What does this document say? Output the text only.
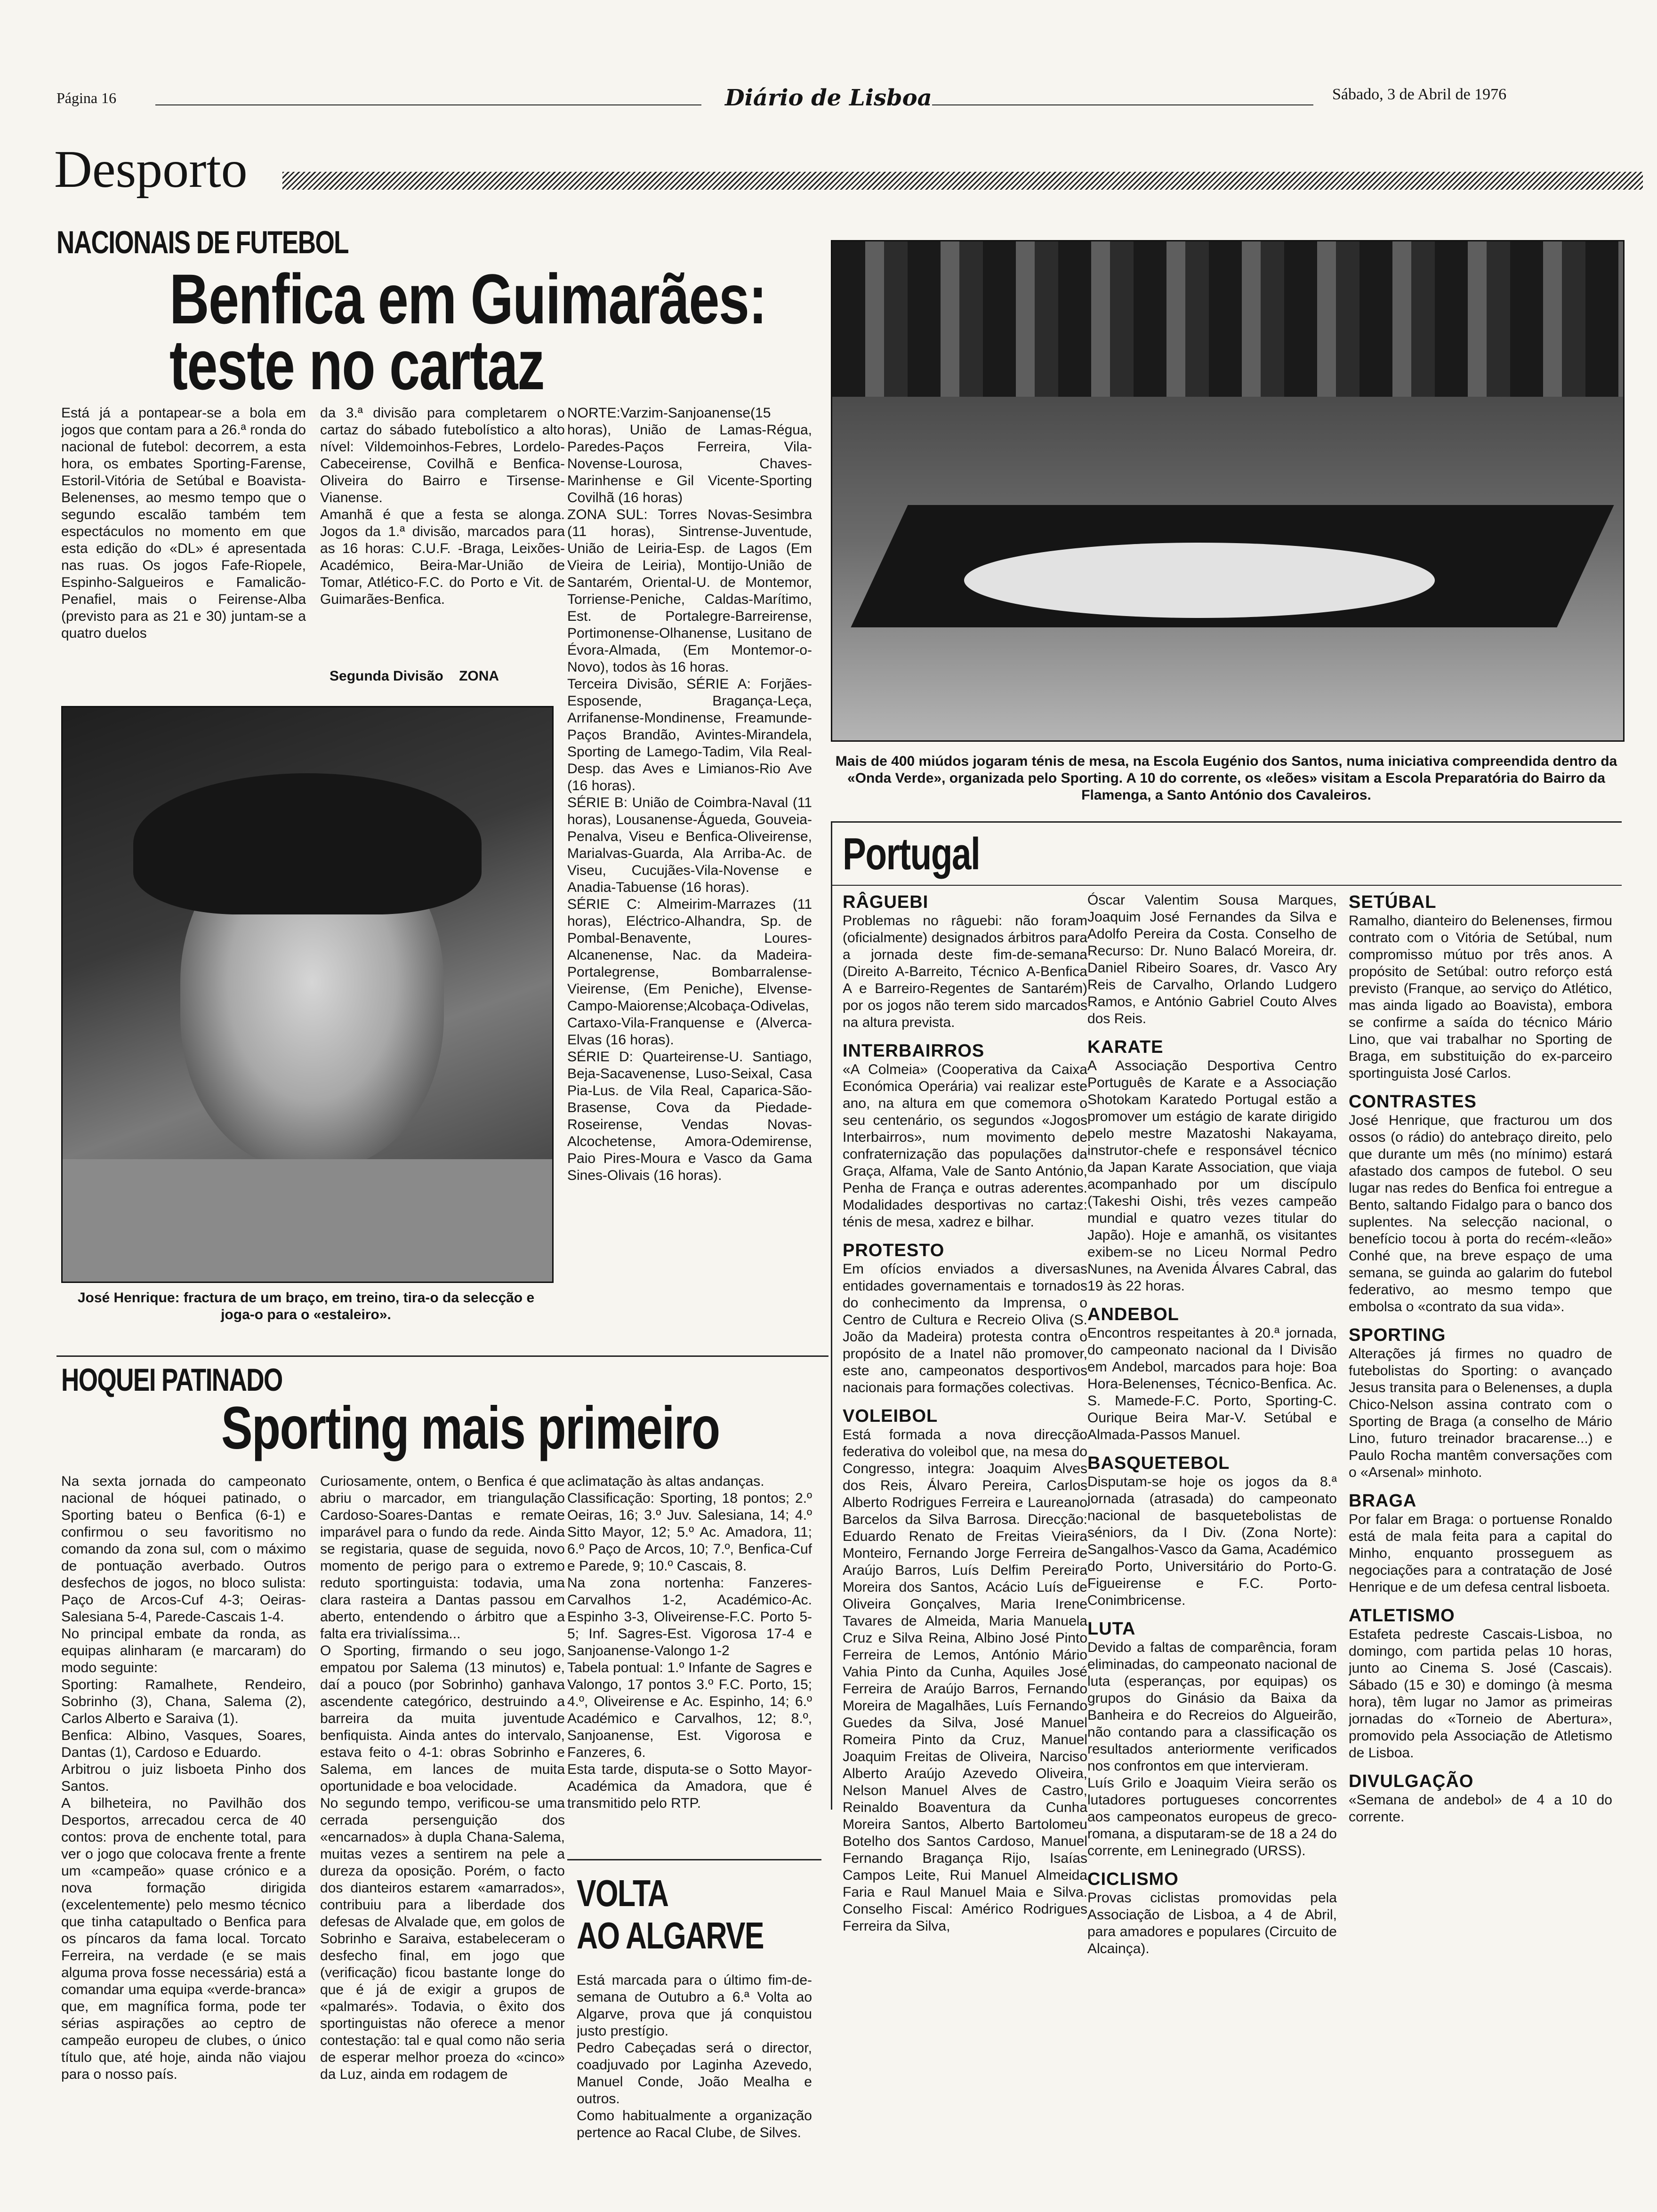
Página 16	Diário de Lisboa	Sábado, 3 de Abril de 1976
Desporto
NACIONAIS DE FUTEBOL
Benfica em Guimarães:
teste no cartaz
Está já a pontapear-se a bola em jogos que contam para a 26.ª ronda do nacional de futebol: decorrem, a esta hora, os embates Sporting-Farense, Estoril-Vitória de Setúbal e Boavista-Belenenses, ao mesmo tempo que o segundo escalão também tem espectáculos no momento em que esta edição do «DL» é apresentada nas ruas. Os jogos Fafe-Riopele, Espinho-Salgueiros e Famalicão-Penafiel, mais o Feirense-Alba (previsto para as 21 e 30) juntam-se a quatro duelos
da 3.ª divisão para completarem o cartaz do sábado futebolístico a alto nível: Vildemoinhos-Febres, Lordelo-Cabeceirense, Covilhã e Benfica-Oliveira do Bairro e Tirsense-Vianense.
Amanhã é que a festa se alonga. Jogos da 1.ª divisão, marcados para as 16 horas: C.U.F. -Braga, Leixões-Académico, Beira-Mar-União de Tomar, Atlético-F.C. do Porto e Vit. de Guimarães-Benfica.
Segunda Divisão    ZONA
NORTE:Varzim-Sanjoanense(15 horas), União de Lamas-Régua, Paredes-Paços Ferreira, Vila-Novense-Lourosa, Chaves-Marinhense e Gil Vicente-Sporting Covilhã (16 horas)
ZONA SUL: Torres Novas-Sesimbra (11 horas), Sintrense-Juventude, União de Leiria-Esp. de Lagos (Em Vieira de Leiria), Montijo-União de Santarém, Oriental-U. de Montemor, Torriense-Peniche, Caldas-Marítimo, Est. de Portalegre-Barreirense, Portimonense-Olhanense, Lusitano de Évora-Almada, (Em Montemor-o-Novo), todos às 16 horas.
Terceira Divisão, SÉRIE A: Forjães-Esposende, Bragança-Leça, Arrifanense-Mondinense, Freamunde-Paços Brandão, Avintes-Mirandela, Sporting de Lamego-Tadim, Vila Real-Desp. das Aves e Limianos-Rio Ave (16 horas).
SÉRIE B: União de Coimbra-Naval (11 horas), Lousanense-Águeda, Gouveia-Penalva, Viseu e Benfica-Oliveirense, Marialvas-Guarda, Ala Arriba-Ac. de Viseu, Cucujães-Vila-Novense e Anadia-Tabuense (16 horas).
SÉRIE C: Almeirim-Marrazes (11 horas), Eléctrico-Alhandra, Sp. de Pombal-Benavente, Loures-Alcanenense, Nac. da Madeira-Portalegrense, Bombarralense-Vieirense, (Em Peniche), Elvense-Campo-Maiorense;Alcobaça-Odivelas, Cartaxo-Vila-Franquense e (Alverca-Elvas (16 horas).
SÉRIE D: Quarteirense-U. Santiago, Beja-Sacavenense, Luso-Seixal, Casa Pia-Lus. de Vila Real, Caparica-São-Brasense, Cova da Piedade-Roseirense, Vendas Novas-Alcochetense, Amora-Odemirense, Paio Pires-Moura e Vasco da Gama Sines-Olivais (16 horas).
José Henrique: fractura de um braço, em treino, tira-o da selecção e joga-o para o «estaleiro».
Mais de 400 miúdos jogaram ténis de mesa, na Escola Eugénio dos Santos, numa iniciativa compreendida dentro da «Onda Verde», organizada pelo Sporting. A 10 do corrente, os «leões» visitam a Escola Preparatória do Bairro da Flamenga, a Santo António dos Cavaleiros.
Portugal
RÂGUEBI
Problemas no râguebi: não foram (oficialmente) designados árbitros para a jornada deste fim-de-semana (Direito A-Barreito, Técnico A-Benfica A e Barreiro-Regentes de Santarém) por os jogos não terem sido marcados na altura prevista.
INTERBAIRROS
«A Colmeia» (Cooperativa da Caixa Económica Operária) vai realizar este ano, na altura em que comemora o seu centenário, os segundos «Jogos Interbairros», num movimento de confraternização das populações da Graça, Alfama, Vale de Santo António, Penha de França e outras aderentes. Modalidades desportivas no cartaz: ténis de mesa, xadrez e bilhar.
PROTESTO
Em ofícios enviados a diversas entidades governamentais e tornados do conhecimento da Imprensa, o Centro de Cultura e Recreio Oliva (S. João da Madeira) protesta contra o propósito de a Inatel não promover, este ano, campeonatos desportivos nacionais para formações colectivas.
VOLEIBOL
Está formada a nova direcção federativa do voleibol que, na mesa do Congresso, integra: Joaquim Alves dos Reis, Álvaro Pereira, Carlos Alberto Rodrigues Ferreira e Laureano Barcelos da Silva Barrosa. Direcção: Eduardo Renato de Freitas Vieira Monteiro, Fernando Jorge Ferreira de Araújo Barros, Luís Delfim Pereira Moreira dos Santos, Acácio Luís de Oliveira Gonçalves, Maria Irene Tavares de Almeida, Maria Manuela Cruz e Silva Reina, Albino José Pinto Ferreira de Lemos, António Mário Vahia Pinto da Cunha, Aquiles José Ferreira de Araújo Barros, Fernando Moreira de Magalhães, Luís Fernando Guedes da Silva, José Manuel Romeira Pinto da Cruz, Manuel Joaquim Freitas de Oliveira, Narciso Alberto Araújo Azevedo Oliveira, Nelson Manuel Alves de Castro, Reinaldo Boaventura da Cunha Moreira Santos, Alberto Bartolomeu Botelho dos Santos Cardoso, Manuel Fernando Bragança Rijo, Isaías Campos Leite, Rui Manuel Almeida Faria e Raul Manuel Maia e Silva. Conselho Fiscal: Américo Rodrigues Ferreira da Silva,
Óscar Valentim Sousa Marques, Joaquim José Fernandes da Silva e Adolfo Pereira da Costa. Conselho de Recurso: Dr. Nuno Balacó Moreira, dr. Daniel Ribeiro Soares, dr. Vasco Ary Reis de Carvalho, Orlando Ludgero Ramos, e António Gabriel Couto Alves dos Reis.
KARATE
A Associação Desportiva Centro Português de Karate e a Associação Shotokam Karatedo Portugal estão a promover um estágio de karate dirigido pelo mestre Mazatoshi Nakayama, instrutor-chefe e responsável técnico da Japan Karate Association, que viaja acompanhado por um discípulo (Takeshi Oishi, três vezes campeão mundial e quatro vezes titular do Japão). Hoje e amanhã, os visitantes exibem-se no Liceu Normal Pedro Nunes, na Avenida Álvares Cabral, das 19 às 22 horas.
ANDEBOL
Encontros respeitantes à 20.ª jornada, do campeonato nacional da I Divisão em Andebol, marcados para hoje: Boa Hora-Belenenses, Técnico-Benfica. Ac. S. Mamede-F.C. Porto, Sporting-C. Ourique Beira Mar-V. Setúbal e Almada-Passos Manuel.
BASQUETEBOL
Disputam-se hoje os jogos da 8.ª jornada (atrasada) do campeonato nacional de basquetebolistas de séniors, da I Div. (Zona Norte): Sangalhos-Vasco da Gama, Académico do Porto, Universitário do Porto-G. Figueirense e F.C. Porto-Conimbricense.
LUTA
Devido a faltas de comparência, foram eliminadas, do campeonato nacional de luta (esperanças, por equipas) os grupos do Ginásio da Baixa da Banheira e do Recreios do Algueirão, não contando para a classificação os resultados anteriormente verificados nos confrontos em que intervieram.
Luís Grilo e Joaquim Vieira serão os lutadores portugueses concorrentes aos campeonatos europeus de greco-romana, a disputaram-se de 18 a 24 do corrente, em Leninegrado (URSS).
CICLISMO
Provas ciclistas promovidas pela Associação de Lisboa, a 4 de Abril, para amadores e populares (Circuito de Alcainça).
SETÚBAL
Ramalho, dianteiro do Belenenses, firmou contrato com o Vitória de Setúbal, num compromisso mútuo por três anos. A propósito de Setúbal: outro reforço está previsto (Franque, ao serviço do Atlético, mas ainda ligado ao Boavista), embora se confirme a saída do técnico Mário Lino, que vai trabalhar no Sporting de Braga, em substituição do ex-parceiro sportinguista José Carlos.
CONTRASTES
José Henrique, que fracturou um dos ossos (o rádio) do antebraço direito, pelo que durante um mês (no mínimo) estará afastado dos campos de futebol. O seu lugar nas redes do Benfica foi entregue a Bento, saltando Fidalgo para o banco dos suplentes. Na selecção nacional, o benefício tocou à porta do recém-«leão» Conhé que, na breve espaço de uma semana, se guinda ao galarim do futebol federativo, ao mesmo tempo que embolsa o «contrato da sua vida».
SPORTING
Alterações já firmes no quadro de futebolistas do Sporting: o avançado Jesus transita para o Belenenses, a dupla Chico-Nelson assina contrato com o Sporting de Braga (a conselho de Mário Lino, futuro treinador bracarense...) e Paulo Rocha mantêm conversações com o «Arsenal» minhoto.
BRAGA
Por falar em Braga: o portuense Ronaldo está de mala feita para a capital do Minho, enquanto prosseguem as negociações para a contratação de José Henrique e de um defesa central lisboeta.
ATLETISMO
Estafeta pedreste Cascais-Lisboa, no domingo, com partida pelas 10 horas, junto ao Cinema S. José (Cascais). Sábado (15 e 30) e domingo (à mesma hora), têm lugar no Jamor as primeiras jornadas do «Torneio de Abertura», promovido pela Associação de Atletismo de Lisboa.
DIVULGAÇÃO
«Semana de andebol» de 4 a 10 do corrente.
HOQUEI PATINADO
Sporting mais primeiro
Na sexta jornada do campeonato nacional de hóquei patinado, o Sporting bateu o Benfica (6-1) e confirmou o seu favoritismo no comando da zona sul, com o máximo de pontuação averbado. Outros desfechos de jogos, no bloco sulista: Paço de Arcos-Cuf 4-3; Oeiras-Salesiana 5-4, Parede-Cascais 1-4.
No principal embate da ronda, as equipas alinharam (e marcaram) do modo seguinte:
Sporting: Ramalhete, Rendeiro, Sobrinho (3), Chana, Salema (2), Carlos Alberto e Saraiva (1).
Benfica: Albino, Vasques, Soares, Dantas (1), Cardoso e Eduardo.
Arbitrou o juiz lisboeta Pinho dos Santos.
A bilheteira, no Pavilhão dos Desportos, arrecadou cerca de 40 contos: prova de enchente total, para ver o jogo que colocava frente a frente um «campeão» quase crónico e a nova formação dirigida (excelentemente) pelo mesmo técnico que tinha catapultado o Benfica para os píncaros da fama local. Torcato Ferreira, na verdade (e se mais alguma prova fosse necessária) está a comandar uma equipa «verde-branca» que, em magnífica forma, pode ter sérias aspirações ao ceptro de campeão europeu de clubes, o único título que, até hoje, ainda não viajou para o nosso país.
Curiosamente, ontem, o Benfica é que abriu o marcador, em triangulação Cardoso-Soares-Dantas e remate imparável para o fundo da rede. Ainda se registaria, quase de seguida, novo momento de perigo para o extremo reduto sportinguista: todavia, uma clara rasteira a Dantas passou em aberto, entendendo o árbitro que a falta era trivialíssima...
O Sporting, firmando o seu jogo, empatou por Salema (13 minutos) e, daí a pouco (por Sobrinho) ganhava ascendente categórico, destruindo a barreira da muita juventude benfiquista. Ainda antes do intervalo, estava feito o 4-1: obras Sobrinho e Salema, em lances de muita oportunidade e boa velocidade.
No segundo tempo, verificou-se uma cerrada persenguição dos «encarnados» à dupla Chana-Salema, muitas vezes a sentirem na pele a dureza da oposição. Porém, o facto dos dianteiros estarem «amarrados», contribuiu para a liberdade dos defesas de Alvalade que, em golos de Sobrinho e Saraiva, estabeleceram o desfecho final, em jogo que (verificação) ficou bastante longe do que é já de exigir a grupos de «palmarés». Todavia, o êxito dos sportinguistas não oferece a menor contestação: tal e qual como não seria de esperar melhor proeza do «cinco» da Luz, ainda em rodagem de
aclimatação às altas andanças.
Classificação: Sporting, 18 pontos; 2.º Oeiras, 16; 3.º Juv. Salesiana, 14; 4.º Sitto Mayor, 12; 5.º Ac. Amadora, 11; 6.º Paço de Arcos, 10; 7.º, Benfica-Cuf e Parede, 9; 10.º Cascais, 8.
Na zona nortenha: Fanzeres-Carvalhos 1-2, Académico-Ac. Espinho 3-3, Oliveirense-F.C. Porto 5-5; Inf. Sagres-Est. Vigorosa 17-4 e Sanjoanense-Valongo 1-2
Tabela pontual: 1.º Infante de Sagres e Valongo, 17 pontos 3.º F.C. Porto, 15; 4.º, Oliveirense e Ac. Espinho, 14; 6.º Académico e Carvalhos, 12; 8.º, Sanjoanense, Est. Vigorosa e Fanzeres, 6.
Esta tarde, disputa-se o Sotto Mayor-Académica da Amadora, que é transmitido pelo RTP.
VOLTA
AO ALGARVE
Está marcada para o último fim-de-semana de Outubro a 6.ª Volta ao Algarve, prova que já conquistou justo prestígio.
Pedro Cabeçadas será o director, coadjuvado por Laginha Azevedo, Manuel Conde, João Mealha e outros.
Como habitualmente a organização pertence ao Racal Clube, de Silves.
